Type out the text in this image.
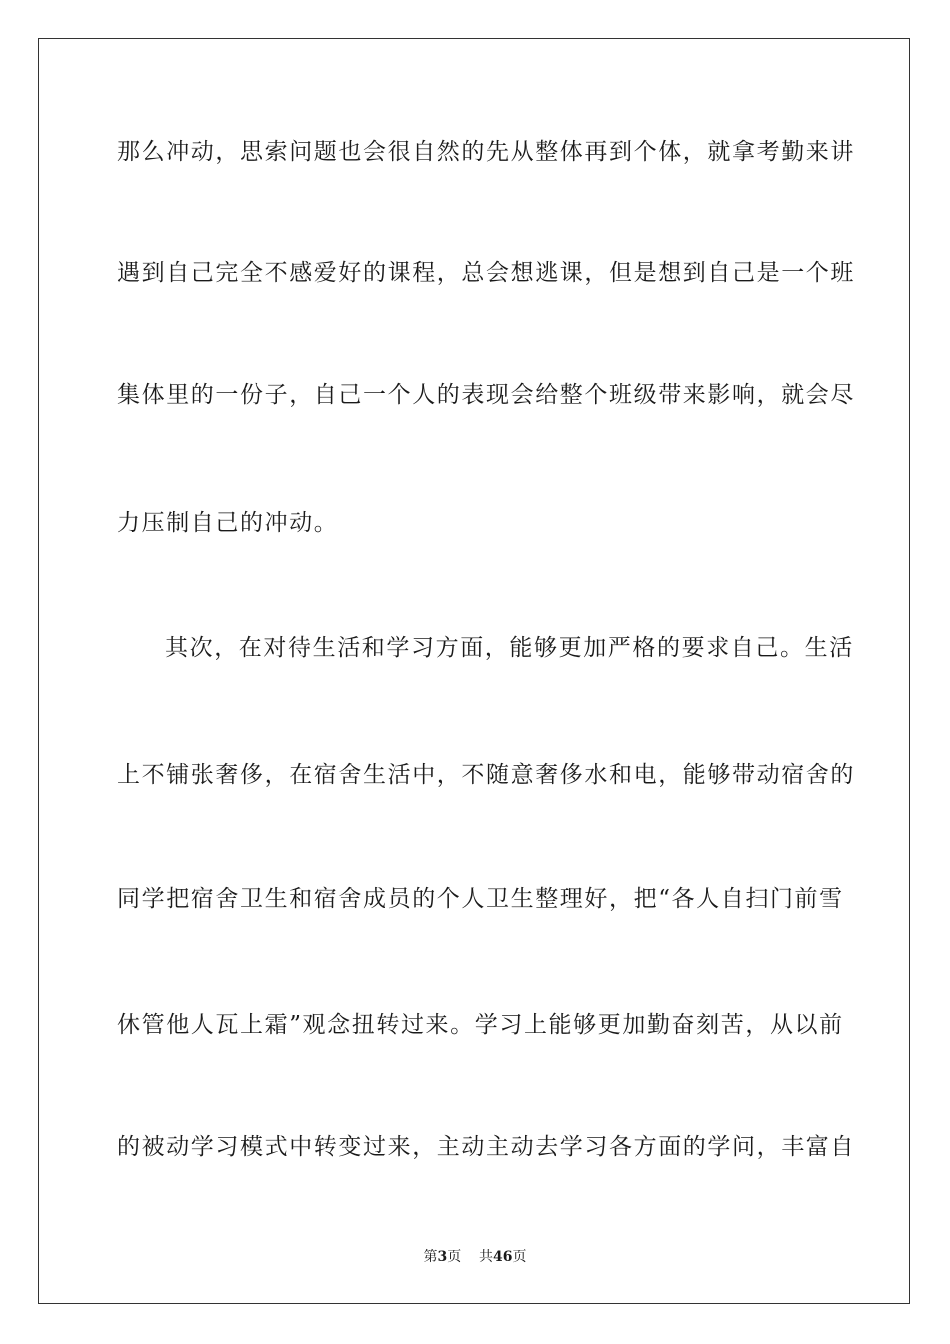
那么冲动，思索问题也会很自然的先从整体再到个体，就拿考勤来讲
遇到自己完全不感爱好的课程，总会想逃课，但是想到自己是一个班
集体里的一份子，自己一个人的表现会给整个班级带来影响，就会尽
力压制自己的冲动。
其次，在对待生活和学习方面，能够更加严格的要求自己。生活
上不铺张奢侈，在宿舍生活中，不随意奢侈水和电，能够带动宿舍的
同学把宿舍卫生和宿舍成员的个人卫生整理好，把“各人自扫门前雪
休管他人瓦上霜”观念扭转过来。学习上能够更加勤奋刻苦，从以前
的被动学习模式中转变过来，主动主动去学习各方面的学问，丰富自
第3页 共46页
